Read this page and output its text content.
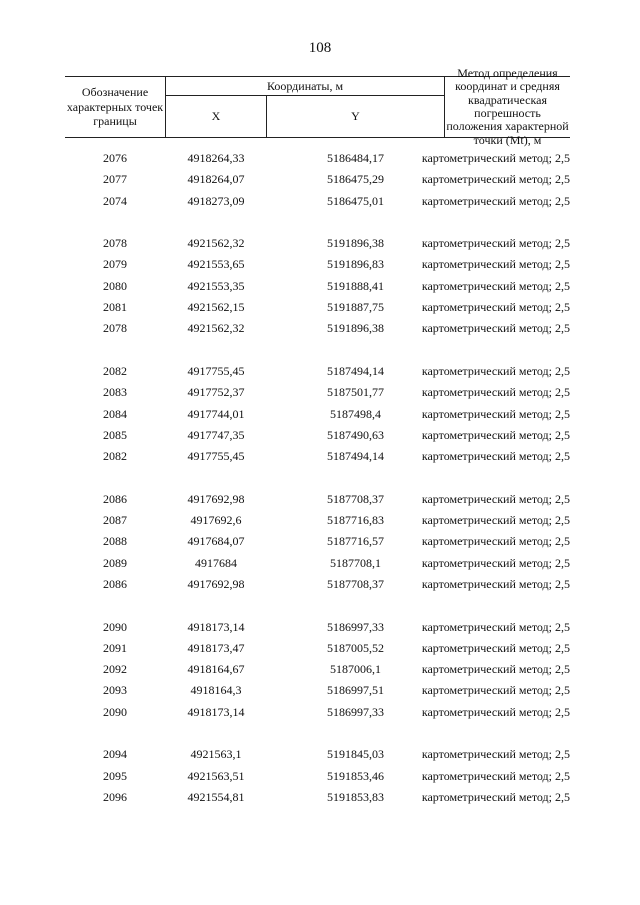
108
Обозначение характерных точек границы
Координаты, м
X	Y
Метод определения координат и средняя квадратическая погрешность положения характерной точки (Mt), м
2076	4918264,33	5186484,17	картометрический метод; 2,5
2077	4918264,07	5186475,29	картометрический метод; 2,5
2074	4918273,09	5186475,01	картометрический метод; 2,5
2078	4921562,32	5191896,38	картометрический метод; 2,5
2079	4921553,65	5191896,83	картометрический метод; 2,5
2080	4921553,35	5191888,41	картометрический метод; 2,5
2081	4921562,15	5191887,75	картометрический метод; 2,5
2078	4921562,32	5191896,38	картометрический метод; 2,5
2082	4917755,45	5187494,14	картометрический метод; 2,5
2083	4917752,37	5187501,77	картометрический метод; 2,5
2084	4917744,01	5187498,4	картометрический метод; 2,5
2085	4917747,35	5187490,63	картометрический метод; 2,5
2082	4917755,45	5187494,14	картометрический метод; 2,5
2086	4917692,98	5187708,37	картометрический метод; 2,5
2087	4917692,6	5187716,83	картометрический метод; 2,5
2088	4917684,07	5187716,57	картометрический метод; 2,5
2089	4917684	5187708,1	картометрический метод; 2,5
2086	4917692,98	5187708,37	картометрический метод; 2,5
2090	4918173,14	5186997,33	картометрический метод; 2,5
2091	4918173,47	5187005,52	картометрический метод; 2,5
2092	4918164,67	5187006,1	картометрический метод; 2,5
2093	4918164,3	5186997,51	картометрический метод; 2,5
2090	4918173,14	5186997,33	картометрический метод; 2,5
2094	4921563,1	5191845,03	картометрический метод; 2,5
2095	4921563,51	5191853,46	картометрический метод; 2,5
2096	4921554,81	5191853,83	картометрический метод; 2,5
